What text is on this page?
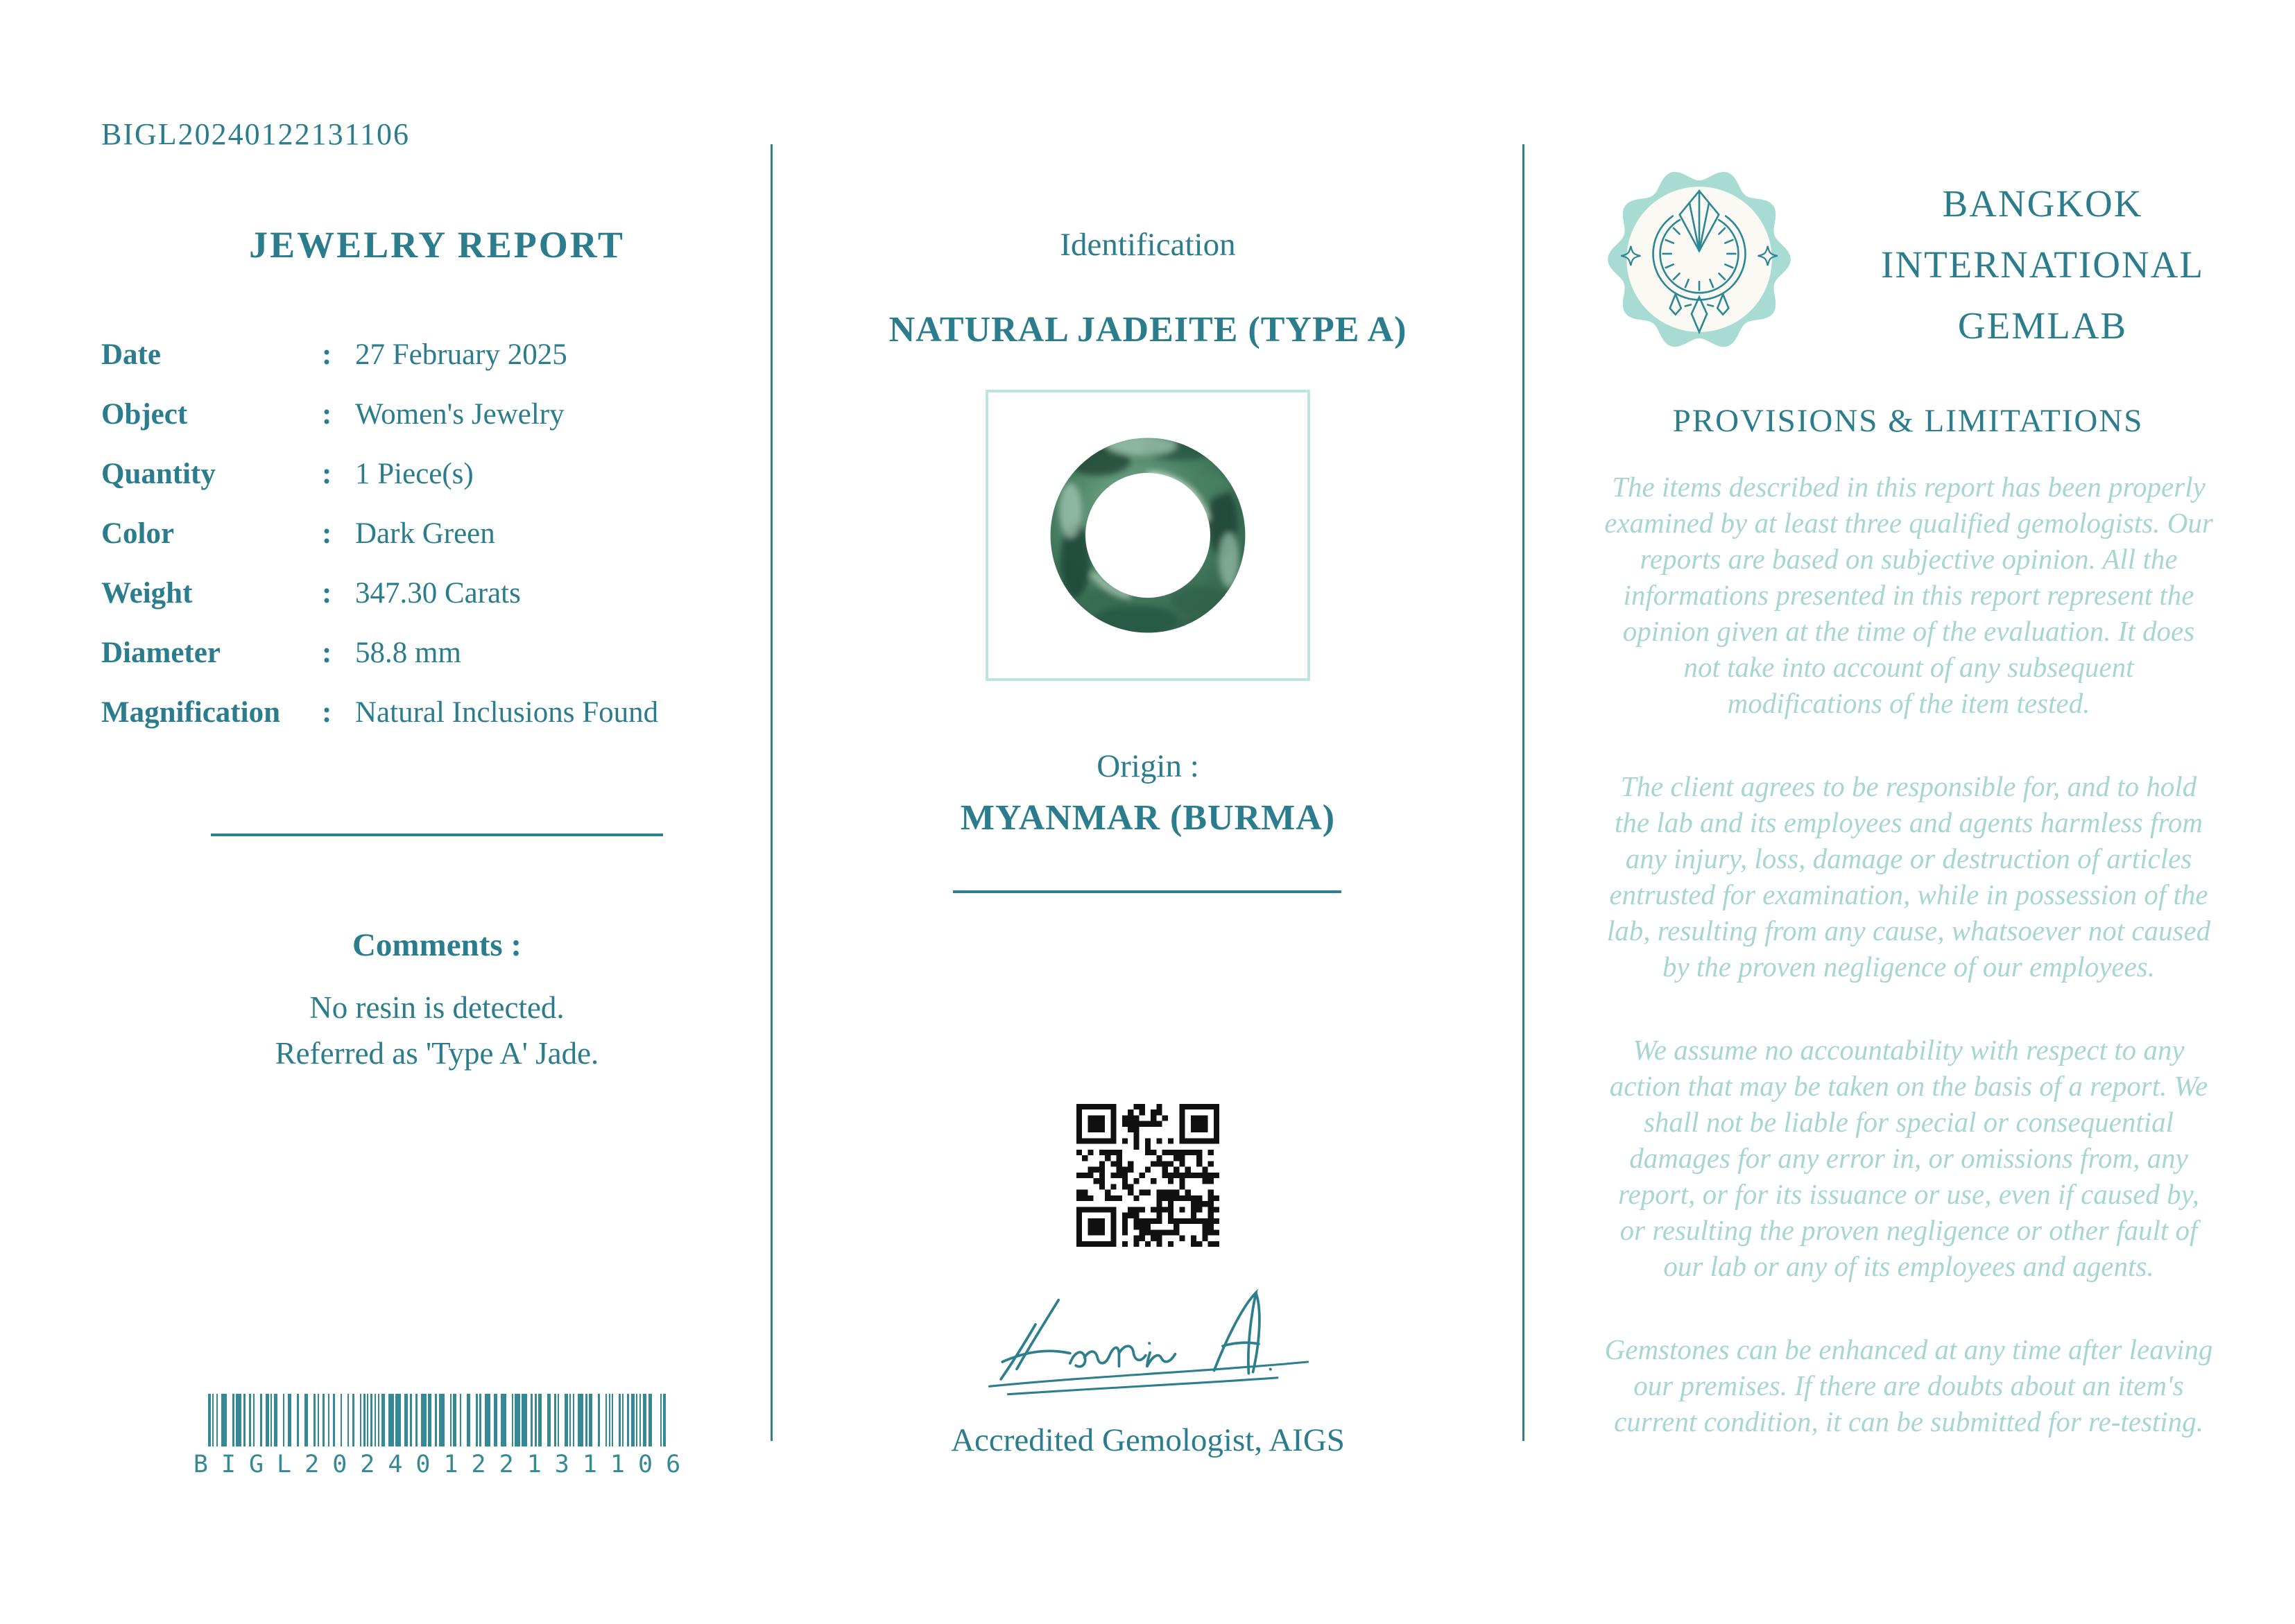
BIGL20240122131106
JEWELRY REPORT
Date	: 27 February 2025
Object	: Women's Jewelry
Quantity	: 1 Piece(s)
Color	: Dark Green
Weight	: 347.30 Carats
Diameter	: 58.8 mm
Magnification	: Natural Inclusions Found

Comments :

No resin is detected.

Referred as 'Type A' Jade.

BIGL20240122131106
Identification
NATURAL JADEITE (TYPE A)
Origin :
MYANMAR (BURMA)
Accredited Gemologist, AIGS
BANGKOK
INTERNATIONAL
GEMLAB
PROVISIONS & LIMITATIONS

The items described in this report has been properly examined by at least three qualified gemologists. Our reports are based on subjective opinion. All the informations presented in this report represent the opinion given at the time of the evaluation. It does not take into account of any subsequent modifications of the item tested.

The client agrees to be responsible for, and to hold the lab and its employees and agents harmless from any injury, loss, damage or destruction of articles entrusted for examination, while in possession of the lab, resulting from any cause, whatsoever not caused by the proven negligence of our employees.

We assume no accountability with respect to any action that may be taken on the basis of a report. We shall not be liable for special or consequential damages for any error in, or omissions from, any report, or for its issuance or use, even if caused by, or resulting the proven negligence or other fault of our lab or any of its employees and agents.

Gemstones can be enhanced at any time after leaving our premises. If there are doubts about an item's current condition, it can be submitted for re-testing.
